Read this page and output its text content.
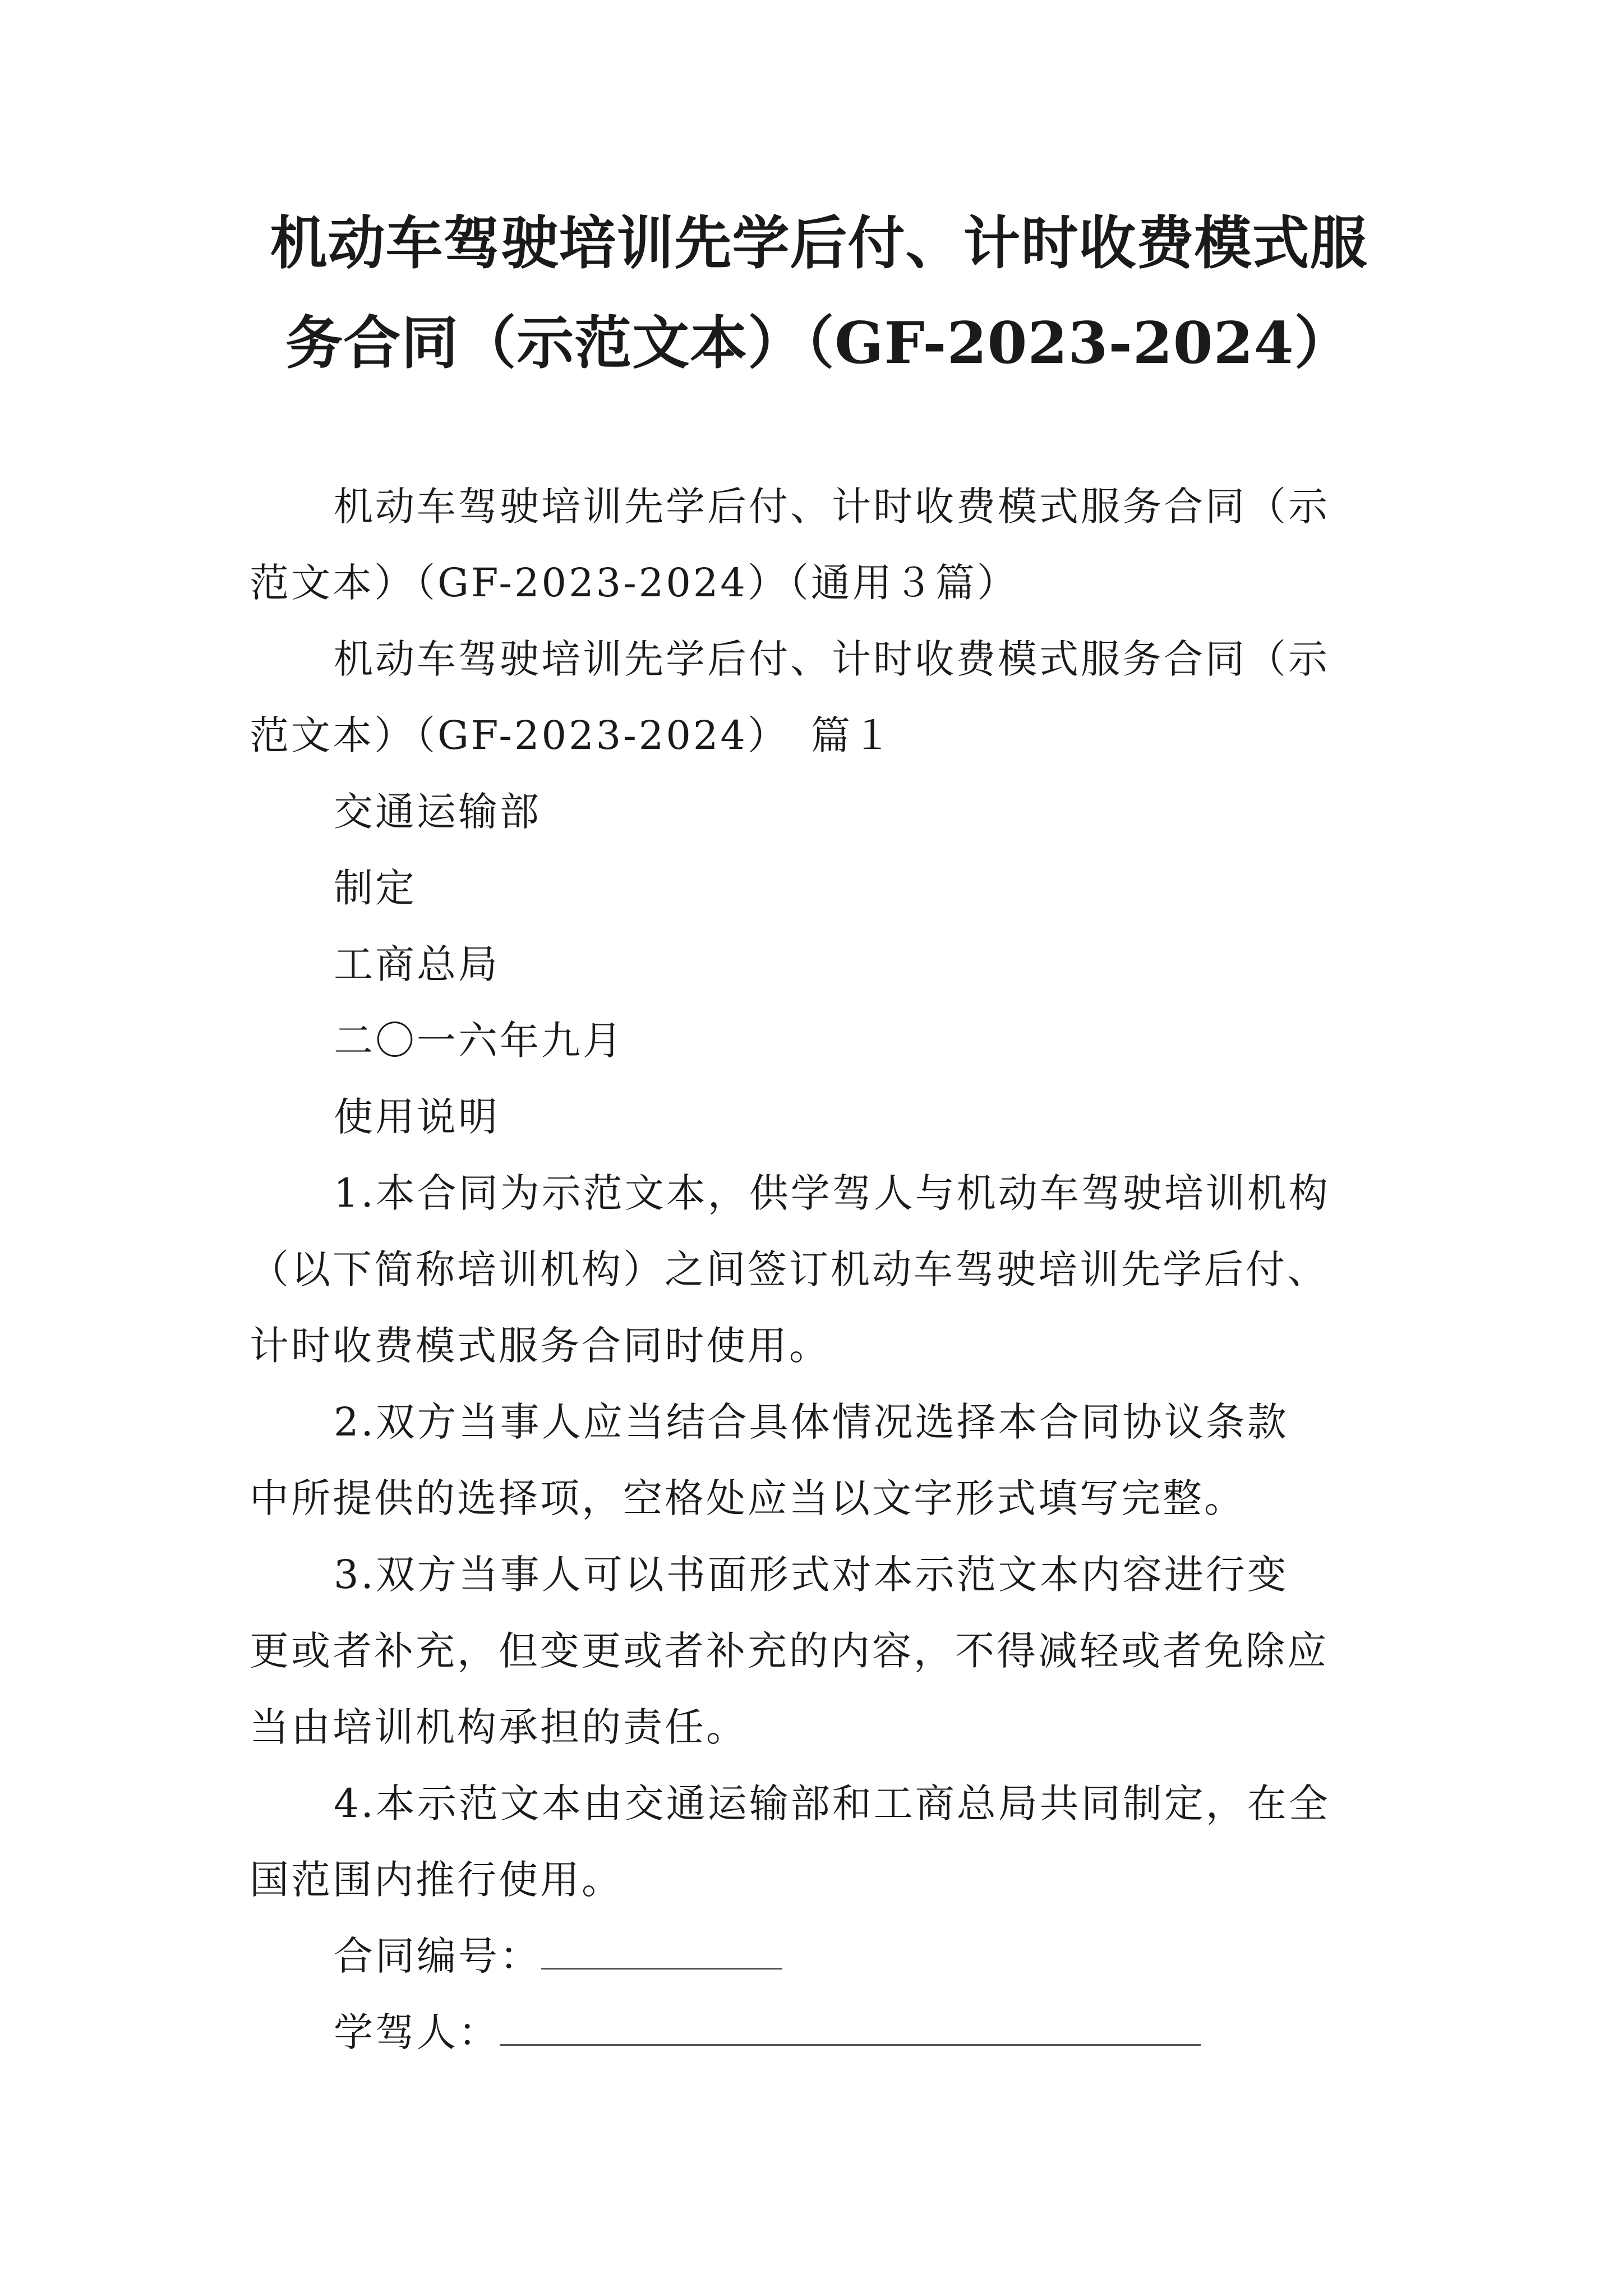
机动车驾驶培训先学后付、计时收费模式服
务合同（示范文本）（GF-2023-2024）
机动车驾驶培训先学后付、计时收费模式服务合同（示
范文本）（GF-2023-2024）（通用３篇）
机动车驾驶培训先学后付、计时收费模式服务合同（示
范文本）（GF-2023-2024）　篇１
交通运输部
制定
工商总局
二〇一六年九月
使用说明
1.本合同为示范文本，供学驾人与机动车驾驶培训机构
（以下简称培训机构）之间签订机动车驾驶培训先学后付、
计时收费模式服务合同时使用。
2.双方当事人应当结合具体情况选择本合同协议条款
中所提供的选择项，空格处应当以文字形式填写完整。
3.双方当事人可以书面形式对本示范文本内容进行变
更或者补充，但变更或者补充的内容，不得减轻或者免除应
当由培训机构承担的责任。
4.本示范文本由交通运输部和工商总局共同制定，在全
国范围内推行使用。
合同编号：
学驾人：
